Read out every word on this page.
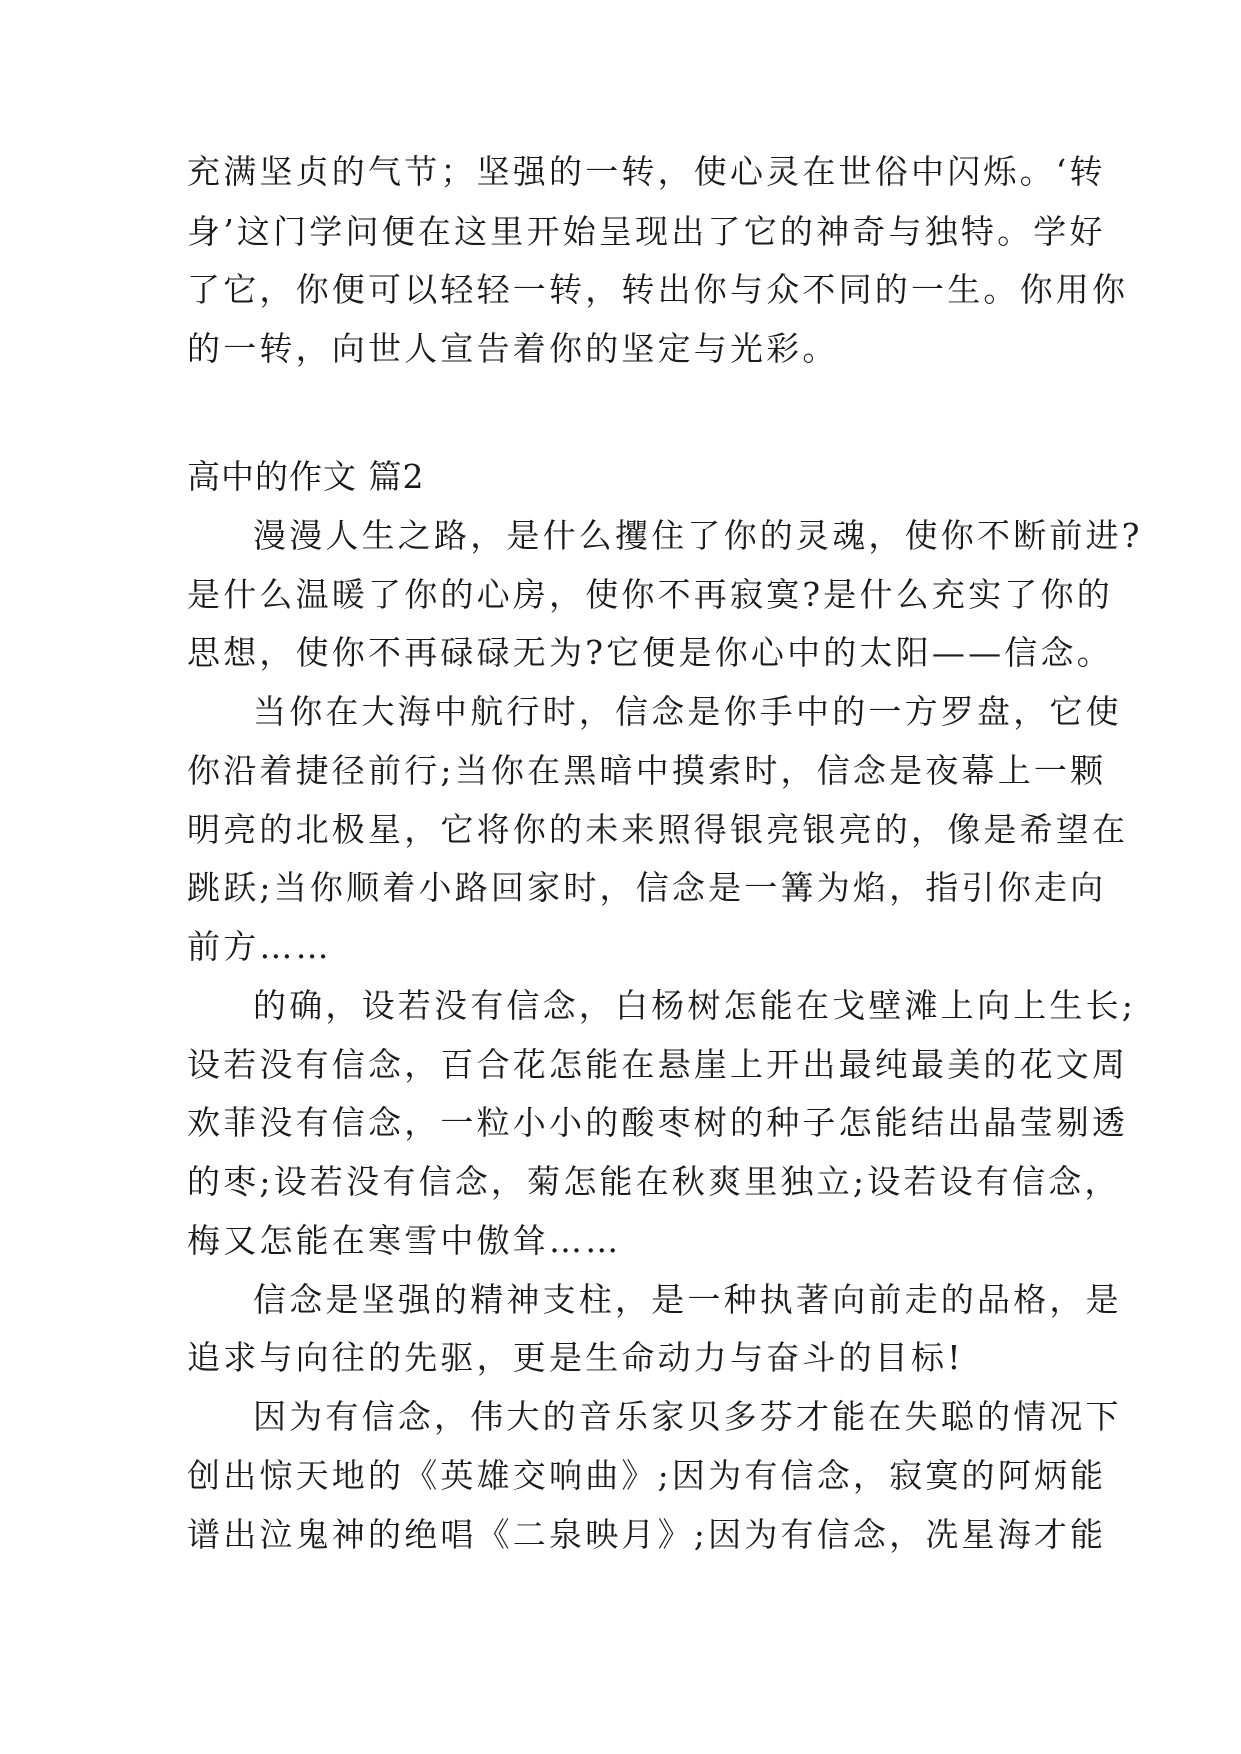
充满坚贞的气节；坚强的一转，使心灵在世俗中闪烁。‘转
身’这门学问便在这里开始呈现出了它的神奇与独特。学好
了它，你便可以轻轻一转，转出你与众不同的一生。你用你
的一转，向世人宣告着你的坚定与光彩。
高中的作文 篇2
漫漫人生之路，是什么攫住了你的灵魂，使你不断前进?
是什么温暖了你的心房，使你不再寂寞?是什么充实了你的
思想，使你不再碌碌无为?它便是你心中的太阳——信念。
当你在大海中航行时，信念是你手中的一方罗盘，它使
你沿着捷径前行;当你在黑暗中摸索时，信念是夜幕上一颗
明亮的北极星，它将你的未来照得银亮银亮的，像是希望在
跳跃;当你顺着小路回家时，信念是一篝为焰，指引你走向
前方……
的确，设若没有信念，白杨树怎能在戈壁滩上向上生长;
设若没有信念，百合花怎能在悬崖上开出最纯最美的花文周
欢菲没有信念，一粒小小的酸枣树的种子怎能结出晶莹剔透
的枣;设若没有信念，菊怎能在秋爽里独立;设若设有信念，
梅又怎能在寒雪中傲耸……
信念是坚强的精神支柱，是一种执著向前走的品格，是
追求与向往的先驱，更是生命动力与奋斗的目标!
因为有信念，伟大的音乐家贝多芬才能在失聪的情况下
创出惊天地的《英雄交响曲》;因为有信念，寂寞的阿炳能
谱出泣鬼神的绝唱《二泉映月》;因为有信念，冼星海才能
